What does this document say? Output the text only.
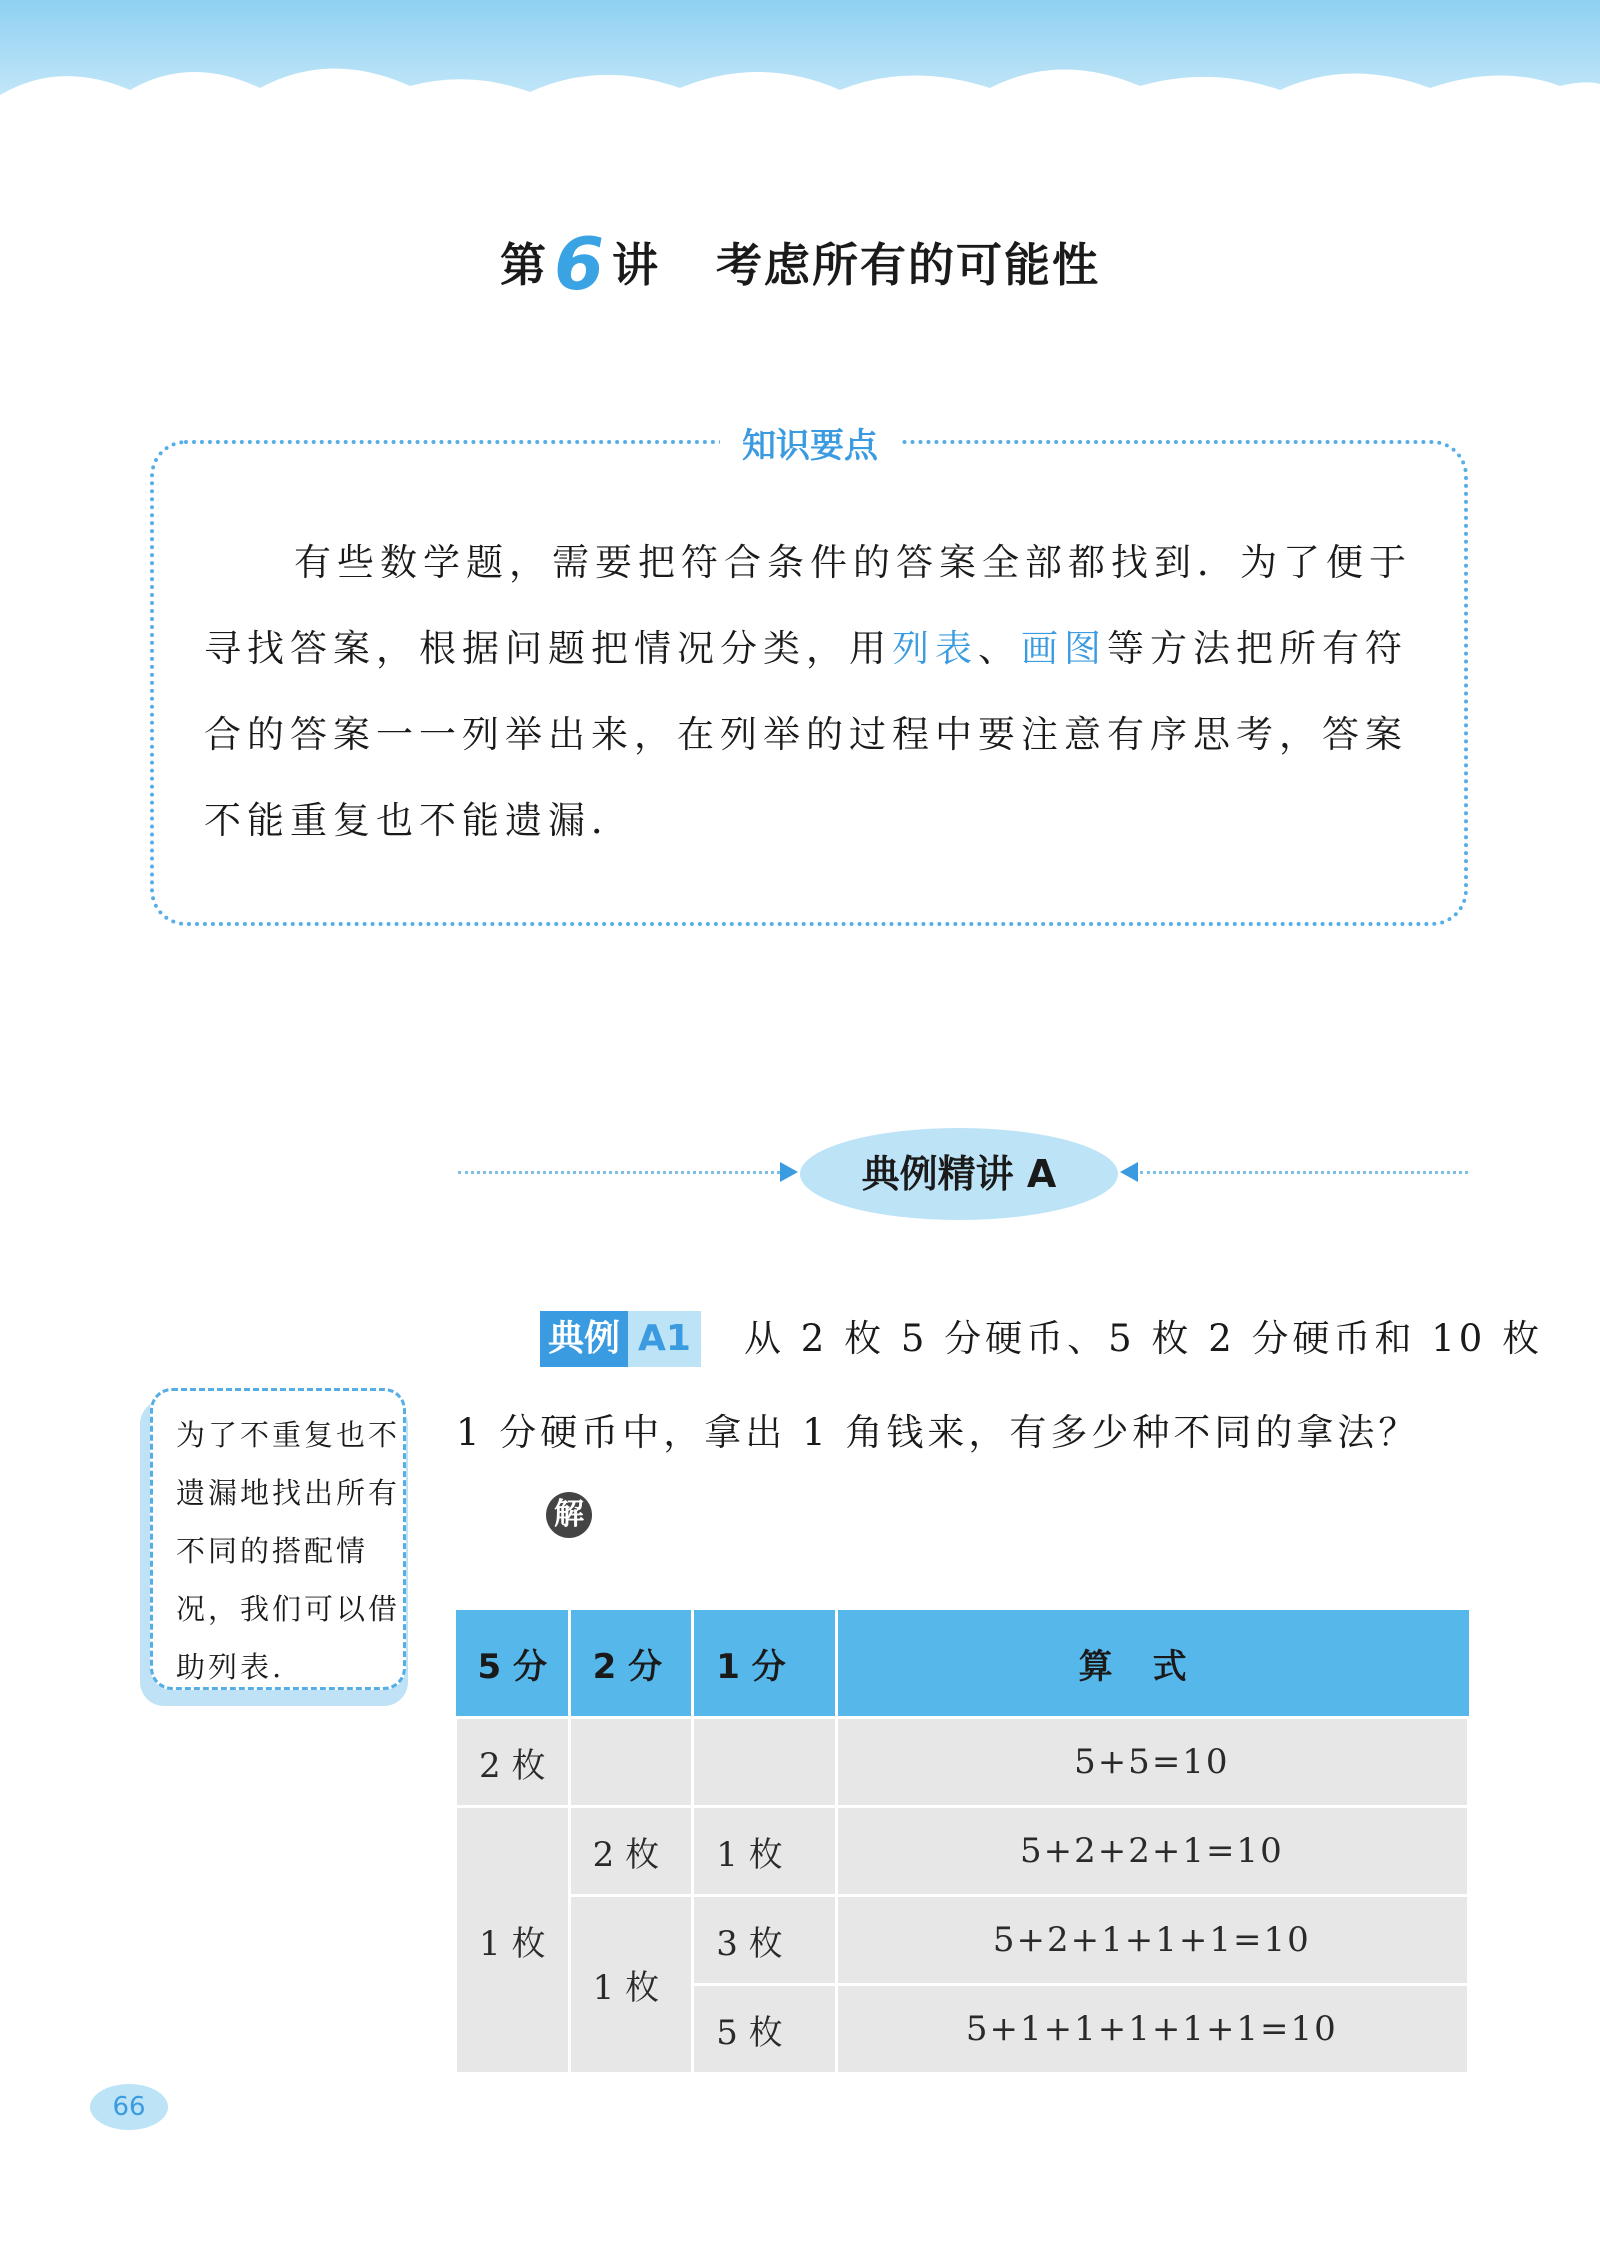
第6 讲 考虑所有的可能性
知识要点
有些数学题，需要把符合条件的答案全部都找到．为了便于寻找答案，根据问题把情况分类，用列表、画图等方法把所有符合的答案一一列举出来，在列举的过程中要注意有序思考，答案不能重复也不能遗漏．
典例精讲 A
典例 A1 从 2 枚 5 分硬币、5 枚 2 分硬币和 10 枚
1 分硬币中，拿出 1 角钱来，有多少种不同的拿法？
解
为了不重复也不遗漏地找出所有不同的搭配情况，我们可以借助列表.	5 分	2 分	1 分	算式
2 枚			5+5=10
1 枚	2 枚	1 枚	5+2+2+1=10
	1 枚	3 枚	5+2+1+1+1=10
		5 枚	5+1+1+1+1+1=10
66
